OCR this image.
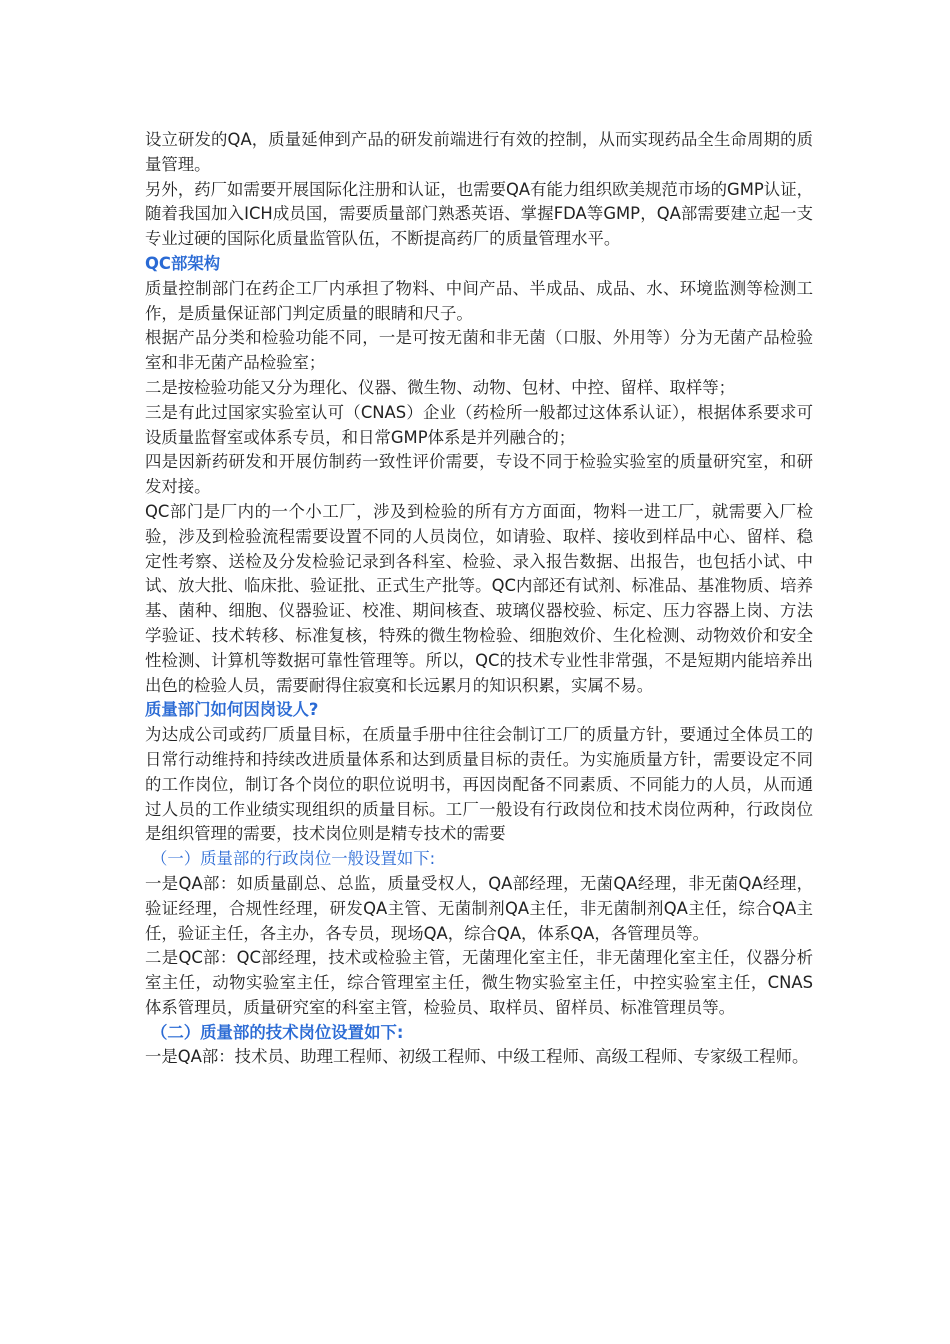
设立研发的QA，质量延伸到产品的研发前端进行有效的控制，从而实现药品全生命周期的质量管理。

另外，药厂如需要开展国际化注册和认证，也需要QA有能力组织欧美规范市场的GMP认证，随着我国加入ICH成员国，需要质量部门熟悉英语、掌握FDA等GMP，QA部需要建立起一支专业过硬的国际化质量监管队伍，不断提高药厂的质量管理水平。

QC部架构

质量控制部门在药企工厂内承担了物料、中间产品、半成品、成品、水、环境监测等检测工作，是质量保证部门判定质量的眼睛和尺子。

根据产品分类和检验功能不同，一是可按无菌和非无菌（口服、外用等）分为无菌产品检验室和非无菌产品检验室；

二是按检验功能又分为理化、仪器、微生物、动物、包材、中控、留样、取样等；

三是有此过国家实验室认可（CNAS）企业（药检所一般都过这体系认证），根据体系要求可设质量监督室或体系专员，和日常GMP体系是并列融合的；

四是因新药研发和开展仿制药一致性评价需要，专设不同于检验实验室的质量研究室，和研发对接。

QC部门是厂内的一个小工厂，涉及到检验的所有方方面面，物料一进工厂，就需要入厂检验，涉及到检验流程需要设置不同的人员岗位，如请验、取样、接收到样品中心、留样、稳定性考察、送检及分发检验记录到各科室、检验、录入报告数据、出报告，也包括小试、中试、放大批、临床批、验证批、正式生产批等。QC内部还有试剂、标准品、基准物质、培养基、菌种、细胞、仪器验证、校准、期间核查、玻璃仪器校验、标定、压力容器上岗、方法学验证、技术转移、标准复核，特殊的微生物检验、细胞效价、生化检测、动物效价和安全性检测、计算机等数据可靠性管理等。所以，QC的技术专业性非常强，不是短期内能培养出出色的检验人员，需要耐得住寂寞和长远累月的知识积累，实属不易。

质量部门如何因岗设人?

为达成公司或药厂质量目标，在质量手册中往往会制订工厂的质量方针，要通过全体员工的日常行动维持和持续改进质量体系和达到质量目标的责任。为实施质量方针，需要设定不同的工作岗位，制订各个岗位的职位说明书，再因岗配备不同素质、不同能力的人员，从而通过人员的工作业绩实现组织的质量目标。工厂一般设有行政岗位和技术岗位两种，行政岗位是组织管理的需要，技术岗位则是精专技术的需要

（一）质量部的行政岗位一般设置如下:

一是QA部：如质量副总、总监，质量受权人，QA部经理，无菌QA经理，非无菌QA经理，验证经理，合规性经理，研发QA主管、无菌制剂QA主任，非无菌制剂QA主任，综合QA主任，验证主任，各主办，各专员，现场QA，综合QA，体系QA，各管理员等。

二是QC部：QC部经理，技术或检验主管，无菌理化室主任，非无菌理化室主任，仪器分析室主任，动物实验室主任，综合管理室主任，微生物实验室主任，中控实验室主任，CNAS体系管理员，质量研究室的科室主管，检验员、取样员、留样员、标准管理员等。

（二）质量部的技术岗位设置如下:

一是QA部：技术员、助理工程师、初级工程师、中级工程师、高级工程师、专家级工程师。
